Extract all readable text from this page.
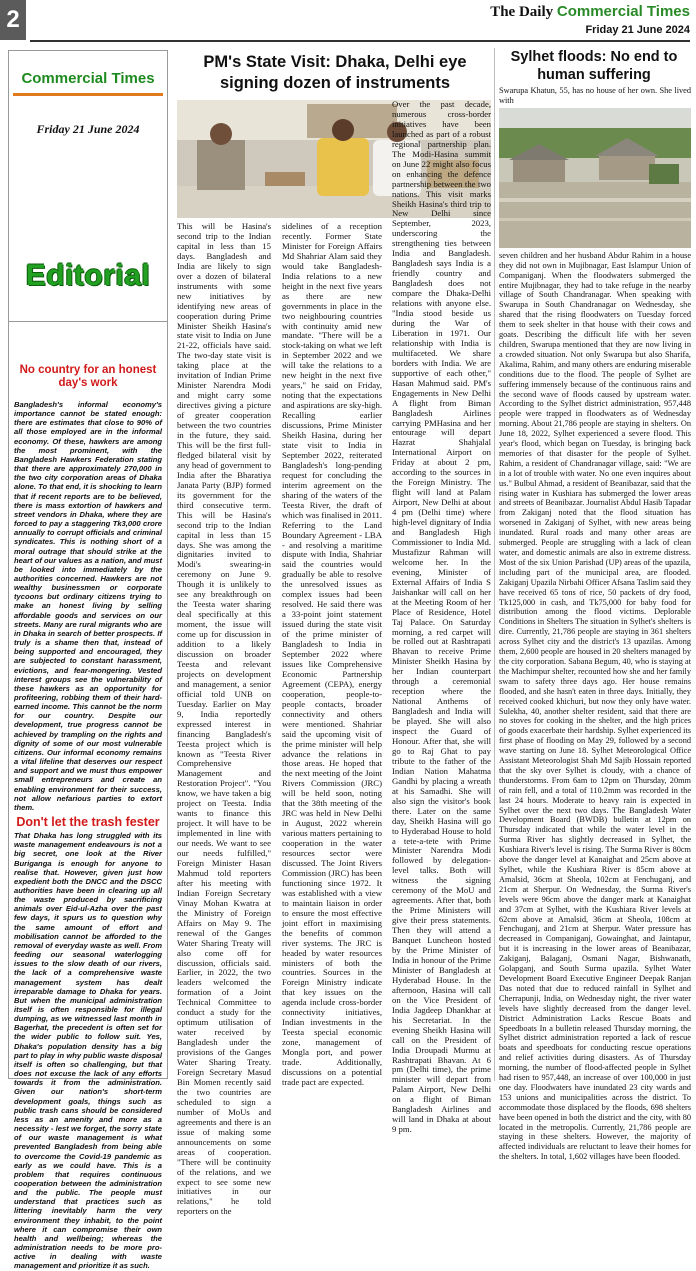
2	The Daily Commercial Times
Friday 21 June 2024
Commercial Times
Friday 21 June 2024
Editorial
No country for an honest day's work
Bangladesh's informal economy's importance cannot be stated enough: there are estimates that close to 90% of all those employed are in the informal economy. Of these, hawkers are among the most prominent, with the Bangladesh Hawkers Federation stating that there are approximately 270,000 in the two city corporation areas of Dhaka alone. To that end, it is shocking to learn that if recent reports are to be believed, there is mass extortion of hawkers and street vendors in Dhaka, where they are forced to pay a staggering Tk3,000 crore annually to corrupt officials and criminal syndicates. This is nothing short of a moral outrage that should strike at the heart of our values as a nation, and must be looked into immediately by the authorities concerned. Hawkers are not wealthy businessmen or corporate tycoons but ordinary citizens trying to make an honest living by selling affordable goods and services on our streets. Many are rural migrants who are in Dhaka in search of better prospects. If truly is a shame then that, instead of being supported and encouraged, they are subjected to constant harassment, evictions, and fear-mongering. Vested interest groups see the vulnerability of these hawkers as an opportunity for profiteering, robbing them of their hard-earned income. This cannot be the norm for our country. Despite our development, true progress cannot be achieved by trampling on the rights and dignity of some of our most vulnerable citizens. Our informal economy remains a vital lifeline that deserves our respect and support and we must thus empower small entrepreneurs and create an enabling environment for their success, not allow nefarious parties to extort them.
Don't let the trash fester
That Dhaka has long struggled with its waste management endeavours is not a big secret, one look at the River Buriganga is enough for anyone to realise that. However, given just how expedient both the DNCC and the DSCC authorities have been in clearing up all the waste produced by sacrificing animals over Eid-ul-Azha over the past few days, it spurs us to question why the same amount of effort and mobilisation cannot be afforded to the removal of everyday waste as well. From feeding our seasonal waterlogging issues to the slow death of our rivers, the lack of a comprehensive waste management system has dealt irreparable damage to Dhaka for years. But when the municipal administration itself is often responsible for illegal dumping, as we witnessed last month in Bagerhat, the precedent is often set for the wider public to follow suit. Yes, Dhaka's population density has a big part to play in why public waste disposal itself is often so challenging, but that does not excuse the lack of any efforts towards it from the administration. Given our nation's short-term development goals, things such as public trash cans should be considered less as an amenity and more as a necessity - lest we forget, the sorry state of our waste management is what prevented Bangladesh from being able to overcome the Covid-19 pandemic as early as we could have. This is a problem that requires continuous cooperation between the administration and the public. The people must understand that practices such as littering inevitably harm the very environment they inhabit, to the point where it can compromise their own health and wellbeing; whereas the administration needs to be more pro-active in dealing with waste management and prioritize it as such.
PM's State Visit: Dhaka, Delhi eye signing dozen of instruments

This will be Hasina's second trip to the Indian capital in less than 15 days. Bangladesh and India are likely to sign over a dozen of bilateral instruments with some new initiatives by identifying new areas of cooperation during Prime Minister Sheikh Hasina's state visit to India on June 21-22, officials have said. The two-day state visit is taking place at the invitation of Indian Prime Minister Narendra Modi and might carry some directives giving a picture of greater cooperation between the two countries in the future, they said. This will be the first full-fledged bilateral visit by any head of government to India after the Bharatiya Janata Party (BJP) formed its government for the third consecutive term. This will be Hasina's second trip to the Indian capital in less than 15 days. She was among the dignitaries invited to Modi's swearing-in ceremony on June 9. Though it is unlikely to see any breakthrough on the Teesta water sharing deal specifically at this moment, the issue will come up for discussion in addition to a likely discussion on broader Teesta and relevant projects on development and management, a senior official told UNB on Tuesday. Earlier on May 9, India reportedly expressed interest in financing Bangladesh's Teesta project which is known as "Teesta River Comprehensive Management and Restoration Project". "You know, we have taken a big project on Teesta. India wants to finance this project. It will have to be implemented in line with our needs. We want to see our needs fulfilled," Foreign Minister Hasan Mahmud told reporters after his meeting with Indian Foreign Secretary Vinay Mohan Kwatra at the Ministry of Foreign Affairs on May 9. The renewal of the Ganges Water Sharing Treaty will also come off for discussion, officials said. Earlier, in 2022, the two leaders welcomed the formation of a Joint Technical Committee to conduct a study for the optimum utilisation of water received by Bangladesh under the provisions of the Ganges Water Sharing Treaty. Foreign Secretary Masud Bin Momen recently said the two countries are scheduled to sign a number of MoUs and agreements and there is an issue of making some announcements on some areas of cooperation. "There will be continuity of the relations, and we expect to see some new initiatives in our relations," he told reporters on the

sidelines of a reception recently. Former State Minister for Foreign Affairs Md Shahriar Alam said they would take Bangladesh-India relations to a new height in the next five years as there are new governments in place in the two neighbouring countries with continuity amid new mandate. "There will be a stock-taking on what we left in September 2022 and we will take the relations to a new height in the next five years," he said on Friday, noting that the expectations and aspirations are sky-high. Recalling earlier discussions, Prime Minister Sheikh Hasina, during her state visit to India in September 2022, reiterated Bangladesh's long-pending request for concluding the interim agreement on the sharing of the waters of the Teesta River, the draft of which was finalised in 2011. Referring to the Land Boundary Agreement - LBA - and resolving a maritime dispute with India, Shahriar said the countries would gradually be able to resolve the unresolved issues as complex issues had been resolved. He said there was a 33-point joint statement issued during the state visit of the prime minister of Bangladesh to India in September 2022 where issues like Comprehensive Economic Partnership Agreement (CEPA), energy cooperation, people-to-people contacts, broader connectivity and others were mentioned. Shahriar said the upcoming visit of the prime minister will help advance the relations in those areas. He hoped that the next meeting of the Joint Rivers Commission (JRC) will be held soon, noting that the 38th meeting of the JRC was held in New Delhi in August, 2022 wherein various matters pertaining to cooperation in the water resources sector were discussed. The Joint Rivers Commission (JRC) has been functioning since 1972. It was established with a view to maintain liaison in order to ensure the most effective joint effort in maximising the benefits of common river systems. The JRC is headed by water resources ministers of both the countries. Sources in the Foreign Ministry indicate that key issues on the agenda include cross-border connectivity initiatives, Indian investments in the Teesta special economic zone, management of Mongla port, and power trade. Additionally, discussions on a potential trade pact are expected.

Over the past decade, numerous cross-border initiatives have been launched as part of a robust regional partnership plan. The Modi-Hasina summit on June 22 might also focus on enhancing the defence partnership between the two nations. This visit marks Sheikh Hasina's third trip to New Delhi since September, 2023, underscoring the strengthening ties between India and Bangladesh. Bangladesh says India is a friendly country and Bangladesh does not compare the Dhaka-Delhi relations with anyone else. "India stood beside us during the War of Liberation in 1971. Our relationship with India is multifaceted. We share borders with India. We are supportive of each other," Hasan Mahmud said. PM's Engagements in New Delhi A flight from Biman Bangladesh Airlines carrying PMHasina and her entourage will depart Hazrat Shahjalal International Airport on Friday at about 2 pm, according to the sources in the Foreign Ministry. The flight will land at Palam Airport, New Delhi at about 4 pm (Delhi time) where high-level dignitary of India and Bangladesh High Commissioner to India Md. Mustafizur Rahman will welcome her. In the evening, Minister of External Affairs of India S Jaishankar will call on her at the Meeting Room of her Place of Residence, Hotel Taj Palace. On Saturday morning, a red carpet will be rolled out at Rashtrapati Bhavan to receive Prime Minister Sheikh Hasina by her Indian counterpart through a ceremonial reception where the National Anthems of Bangladesh and India will be played. She will also inspect the Guard of Honour. After that, she will go to Raj Ghat to pay tribute to the father of the Indian Nation Mahatma Gandhi by placing a wreath at his Samadhi. She will also sign the visitor's book there. Later on the same day, Sheikh Hasina will go to Hyderabad House to hold a tete-a-tete with Prime Minister Narendra Modi followed by delegation-level talks. Both will witness the signing ceremony of the MoU and agreements. After that, both the Prime Ministers will give their press statements. Then they will attend a Banquet Luncheon hosted by the Prime Minister of India in honour of the Prime Minister of Bangladesh at Hyderabad House. In the afternoon, Hasina will call on the Vice President of India Jagdeep Dhankhar at his Secretariat. In the evening Sheikh Hasina will call on the President of India Droupadi Murmu at Rashtrapati Bhavan. At 6 pm (Delhi time), the prime minister will depart from Palam Airport, New Delhi on a flight of Biman Bangladesh Airlines and will land in Dhaka at about 9 pm.

Sylhet floods: No end to human suffering

Swarupa Khatun, 55, has no house of her own. She lived with

seven children and her husband Abdur Rahim in a house they did not own in Mujibnagar, East Islampur Union of Companiganj. When the floodwaters submerged the entire Mujibnagar, they had to take refuge in the nearby village of South Chandranagar. When speaking with Swarupa in South Chandranagar on Wednesday, she shared that the rising floodwaters on Tuesday forced them to seek shelter in that house with their cows and goats. Describing the difficult life with her seven children, Swarupa mentioned that they are now living in a crowded situation. Not only Swarupa but also Sharifa, Akalima, Rahim, and many others are enduring miserable conditions due to the flood. The people of Sylhet are suffering immensely because of the continuous rains and the second wave of floods caused by upstream water. According to the Sylhet district administration, 957,448 people were trapped in floodwaters as of Wednesday morning. About 21,786 people are staying in shelters. On June 18, 2022, Sylhet experienced a severe flood. This year's flood, which began on Tuesday, is bringing back memories of that disaster for the people of Sylhet. Rahim, a resident of Chandranagar village, said: "We are in a lot of trouble with water. No one even inquires about us." Bulbul Ahmad, a resident of Beanibazar, said that the rising water in Kushiara has submerged the lower areas and streets of Beanibazar. Journalist Abdul Hasib Tapadar from Zakiganj noted that the flood situation has worsened in Zakiganj of Sylhet, with new areas being inundated. Rural roads and many other areas are submerged. People are struggling with a lack of clean water, and domestic animals are also in extreme distress. Most of the six Union Parishad (UP) areas of the upazila, including part of the municipal area, are flooded. Zakiganj Upazila Nirbahi Officer Afsana Taslim said they have received 65 tons of rice, 50 packets of dry food, Tk125,000 in cash, and Tk75,000 for baby food for distribution among the flood victims. Deplorable Conditions in Shelters The situation in Sylhet's shelters is dire. Currently, 21,786 people are staying in 361 shelters across Sylhet city and the district's 13 upazilas. Among them, 2,600 people are housed in 20 shelters managed by the city corporation. Sabana Begum, 40, who is staying at the Machimpur shelter, recounted how she and her family swam to safety three days ago. Her house remains flooded, and she hasn't eaten in three days. Initially, they received cooked khichuri, but now they only have water. Sulekha, 40, another shelter resident, said that there are no stoves for cooking in the shelter, and the high prices of goods exacerbate their hardship. Sylhet experienced its first phase of flooding on May 29, followed by a second wave starting on June 18. Sylhet Meteorological Office Assistant Meteorologist Shah Md Sajib Hossain reported that the sky over Sylhet is cloudy, with a chance of thunderstorms. From 6am to 12pm on Thursday, 20mm of rain fell, and a total of 110.2mm was recorded in the last 24 hours. Moderate to heavy rain is expected in Sylhet over the next two days. The Bangladesh Water Development Board (BWDB) bulletin at 12pm on Thursday indicated that while the water level in the Surma River has slightly decreased in Sylhet, the Kushiara River's level is rising. The Surma River is 80cm above the danger level at Kanaighat and 25cm above at Sylhet, while the Kushiara River is 85cm above at Amalsid, 36cm at Sheola, 102cm at Fenchuganj, and 21cm at Sherpur. On Wednesday, the Surma River's levels were 96cm above the danger mark at Kanaighat and 37cm at Sylhet, with the Kushiara River levels at 62cm above at Amalsid, 36cm at Sheola, 108cm at Fenchuganj, and 21cm at Sherpur. Water pressure has decreased in Companiganj, Gowainghat, and Jaintapur, but it is increasing in the lower areas of Beanibazar, Zakiganj, Balaganj, Osmani Nagar, Bishwanath, Golapganj, and South Surma upazila. Sylhet Water Development Board Executive Engineer Deepak Ranjan Das noted that due to reduced rainfall in Sylhet and Cherrapunji, India, on Wednesday night, the river water levels have slightly decreased from the danger level. District Administration Lacks Rescue Boats and Speedboats In a bulletin released Thursday morning, the Sylhet district administration reported a lack of rescue boats and speedboats for conducting rescue operations and relief activities during disasters. As of Thursday morning, the number of flood-affected people in Sylhet had risen to 957,448, an increase of over 100,000 in just one day. Floodwaters have inundated 23 city wards and 153 unions and municipalities across the district. To accommodate those displaced by the floods, 698 shelters have been opened in both the district and the city, with 80 located in the metropolis. Currently, 21,786 people are staying in these shelters. However, the majority of affected individuals are reluctant to leave their homes for the shelters. In total, 1,602 villages have been flooded.
